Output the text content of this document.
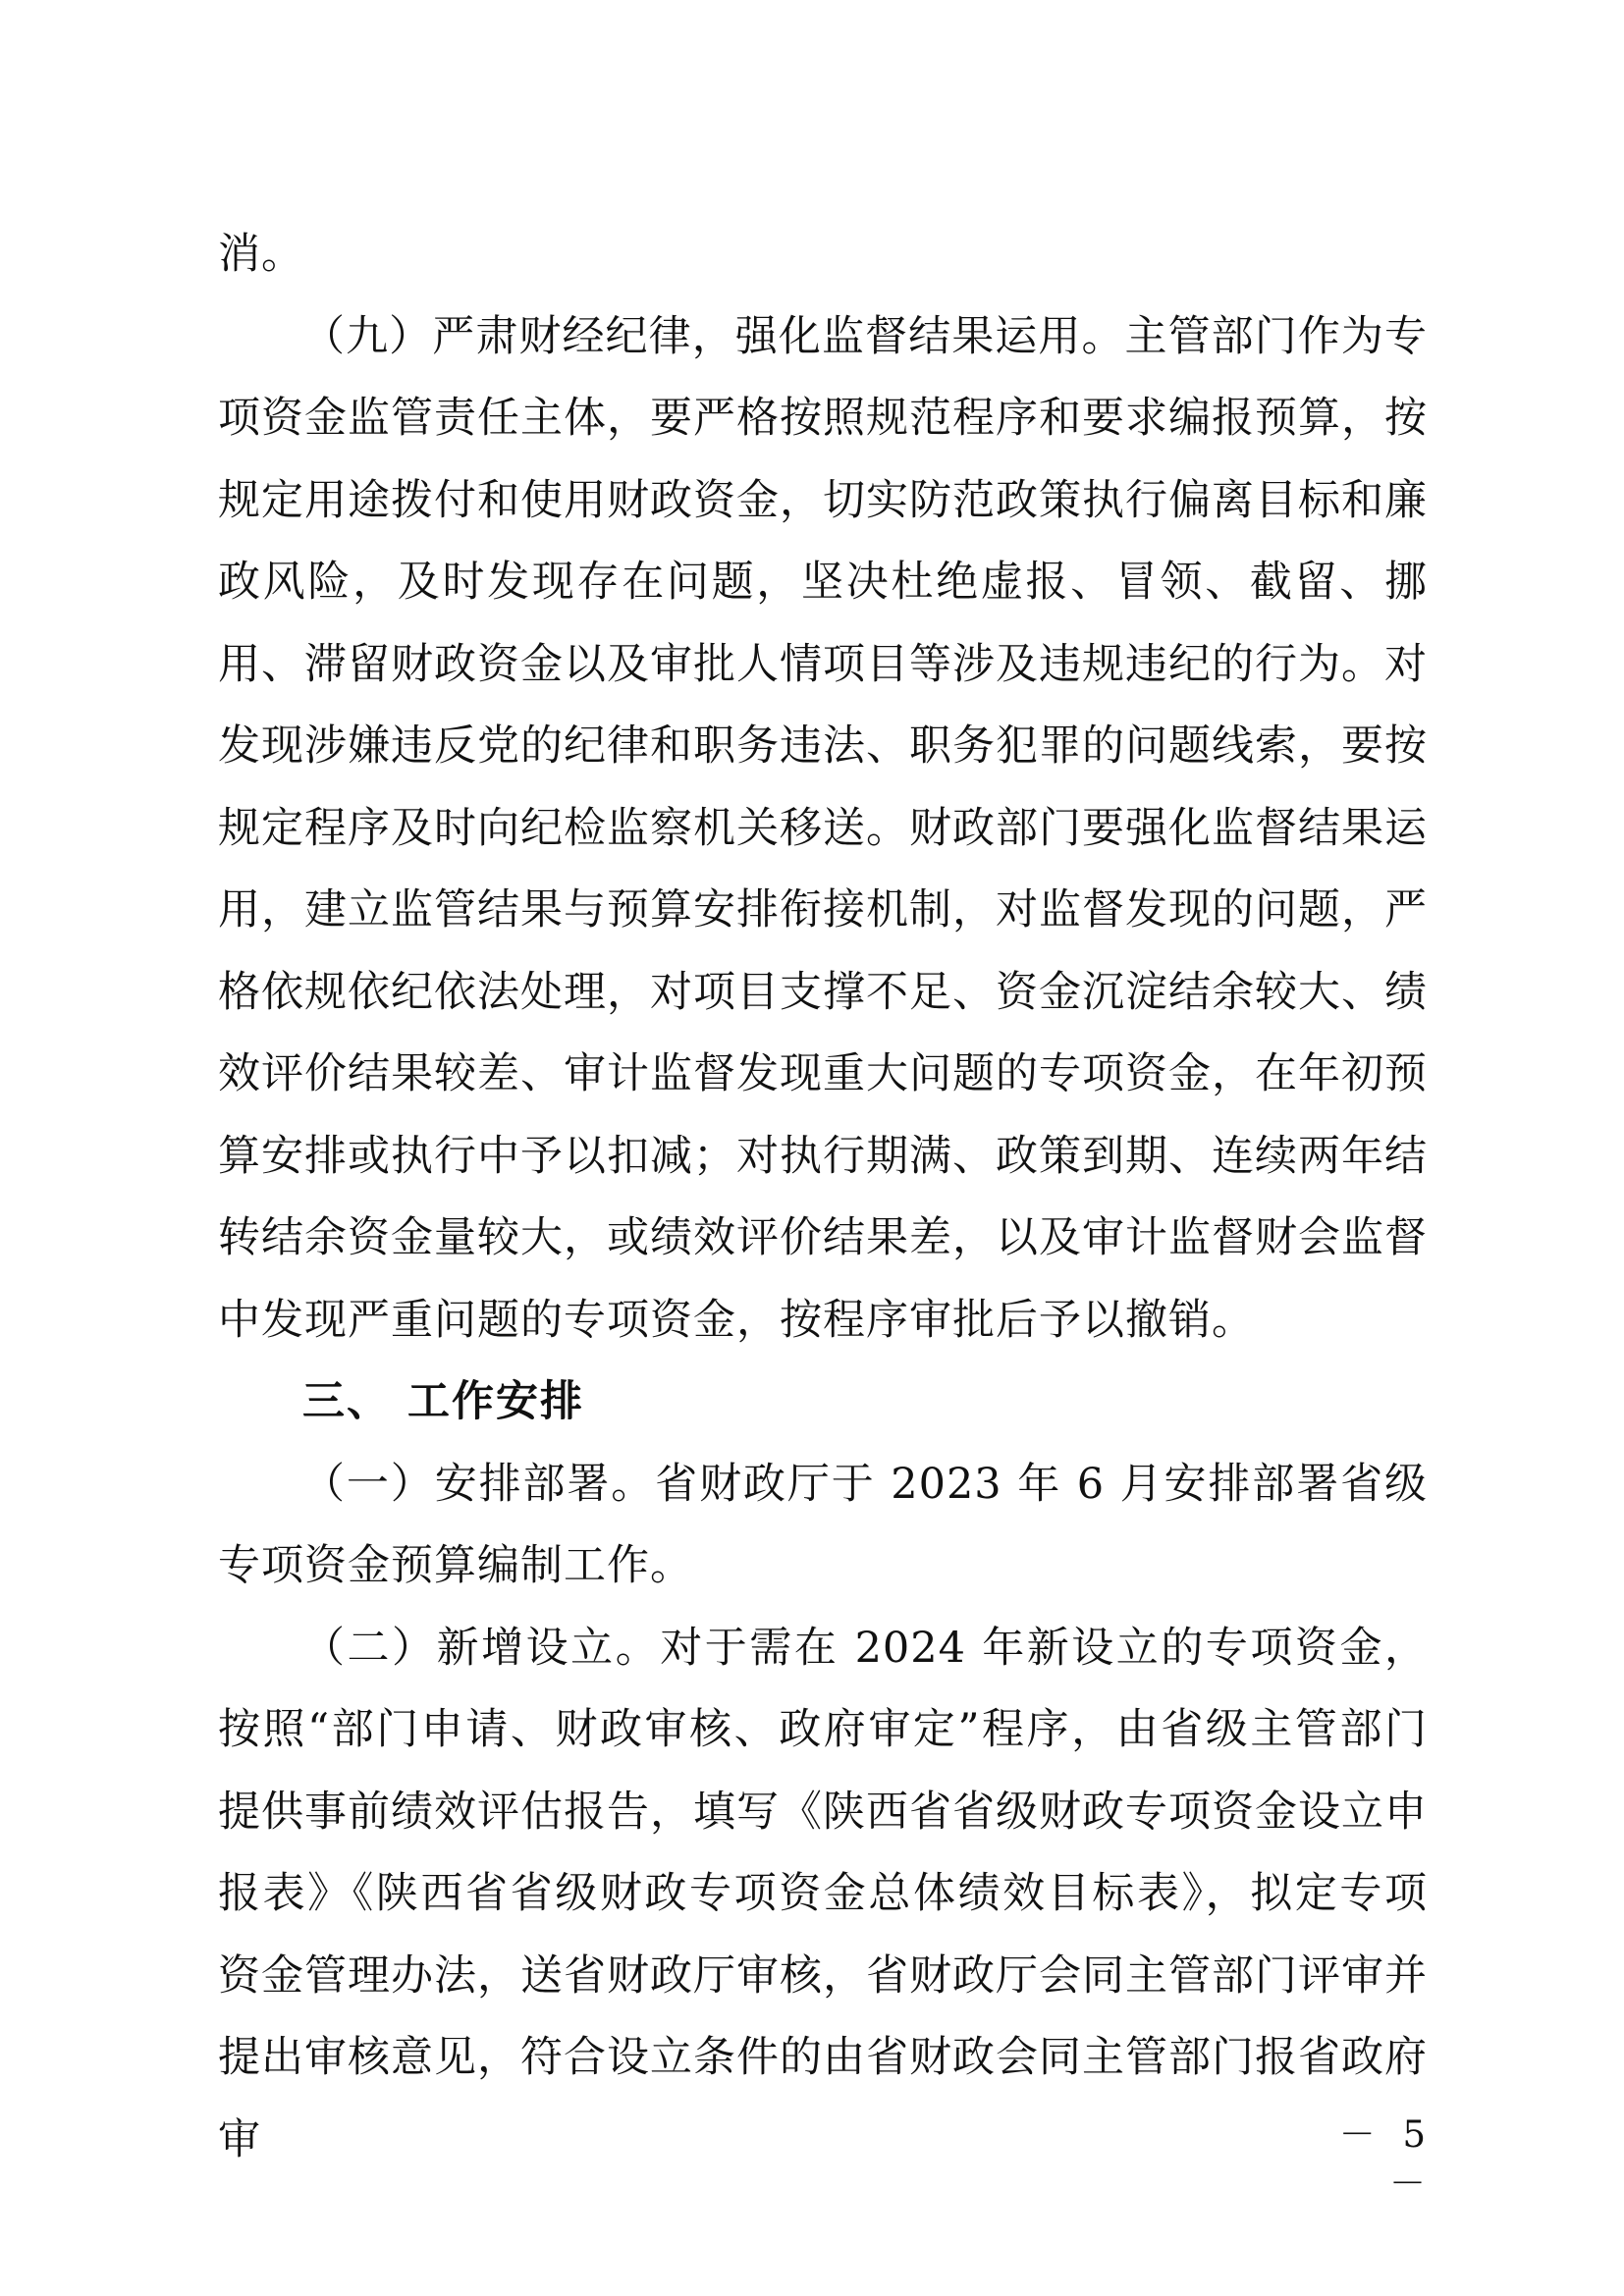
消。

（九）严肃财经纪律，强化监督结果运用。主管部门作为专项资金监管责任主体，要严格按照规范程序和要求编报预算，按规定用途拨付和使用财政资金，切实防范政策执行偏离目标和廉政风险，及时发现存在问题，坚决杜绝虚报、冒领、截留、挪用、滞留财政资金以及审批人情项目等涉及违规违纪的行为。对发现涉嫌违反党的纪律和职务违法、职务犯罪的问题线索，要按规定程序及时向纪检监察机关移送。财政部门要强化监督结果运用，建立监管结果与预算安排衔接机制，对监督发现的问题，严格依规依纪依法处理，对项目支撑不足、资金沉淀结余较大、绩效评价结果较差、审计监督发现重大问题的专项资金，在年初预算安排或执行中予以扣减；对执行期满、政策到期、连续两年结转结余资金量较大，或绩效评价结果差，以及审计监督财会监督中发现严重问题的专项资金，按程序审批后予以撤销。

三、 工作安排

（一）安排部署。省财政厅于 2023 年 6 月安排部署省级专项资金预算编制工作。

（二）新增设立。对于需在 2024 年新设立的专项资金，按照“部门申请、财政审核、政府审定”程序，由省级主管部门提供事前绩效评估报告，填写《陕西省省级财政专项资金设立申报表》《陕西省省级财政专项资金总体绩效目标表》，拟定专项资金管理办法，送省财政厅审核，省财政厅会同主管部门评审并提出审核意见，符合设立条件的由省财政会同主管部门报省政府审	－ 5 －
